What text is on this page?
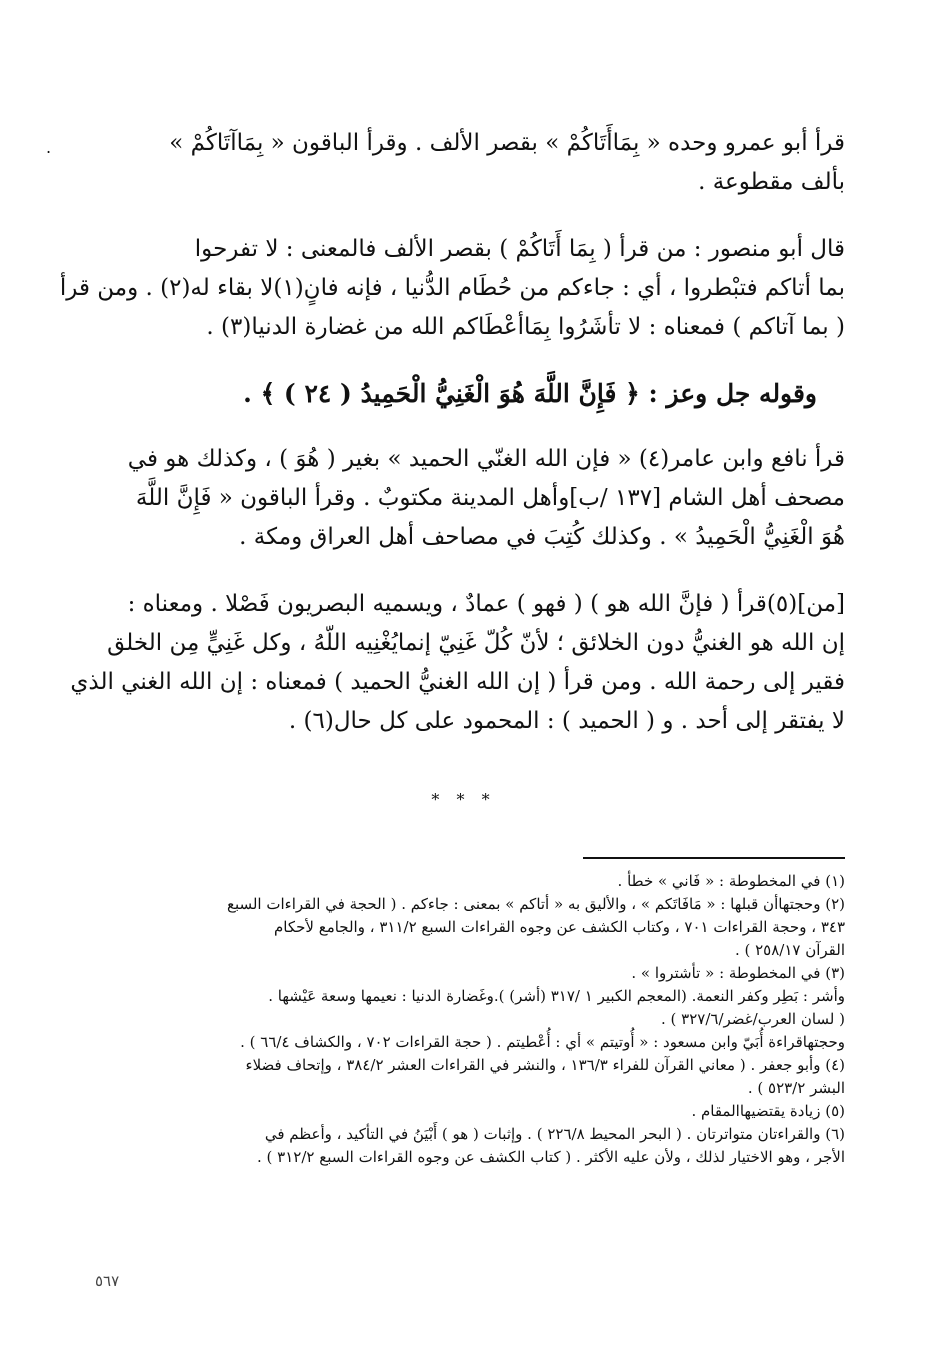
.	قرأ أبو عمرو وحده « بِمَاأَتَاكُمْ » بقصر الألف . وقرأ الباقون « بِمَاآتَاكُمْ »
بألف مقطوعة .
قال أبو منصور : من قرأ ( بِمَا أَتَاكُمْ ) بقصر الألف فالمعنى : لا تفرحوا
بما أتاكم فتبْطروا ، أي : جاءكم من حُطَام الدُّنيا ، فإنه فانٍ(١)لا بقاء له(٢) . ومن قرأ
( بما آتاكم ) فمعناه : لا تأشَرُوا بِمَاأعْطَاكم الله من غضارة الدنيا(٣) .
وقوله جل وعز : ﴿ فَإِنَّ اللَّهَ هُوَ الْغَنِيُّ الْحَمِيدُ ( ٢٤ ) ﴾ .
قرأ نافع وابن عامر(٤) « فإن الله الغنّي الحميد » بغير ( هُوَ ) ، وكذلك هو في
مصحف أهل الشام [١٣٧ /ب]وأهل المدينة مكتوبٌ . وقرأ الباقون « فَإِنَّ اللَّهَ
هُوَ الْغَنِيُّ الْحَمِيدُ » . وكذلك كُتِبَ في مصاحف أهل العراق ومكة .
[من](٥)قرأ ( فإنَّ الله هو ) ( فهو ) عمادٌ ، ويسميه البصريون فَصْلا . ومعناه :
إن الله هو الغنيُّ دون الخلائق ؛ لأنّ كُلّ غَنِيّ إنمايُغْنِيه اللّهُ ، وكل غَنِيٍّ مِن الخلق
فقير إلى رحمة الله . ومن قرأ ( إن الله الغنيُّ الحميد ) فمعناه : إن الله الغني الذي
لا يفتقر إلى أحد . و ( الحميد ) : المحمود على كل حال(٦) .
* * *
(١) في المخطوطة : « فَاني » خطأ .
(٢) وحجتهاأن قبلها : « مَافَاتَكم » ، والأليق به « أتاكم » بمعنى : جاءكم . ( الحجة في القراءات السبع
٣٤٣ ، وحجة القراءات ٧٠١ ، وكتاب الكشف عن وجوه القراءات السبع ٣١١/٢ ، والجامع لأحكام
القرآن ٢٥٨/١٧ ) .
(٣) في المخطوطة : « تأشتروا » .
وأشر : بَطِر وكفر النعمة. (المعجم الكبير ١ /٣١٧ (أشر) ).وغَضارة الدنيا : نعيمها وسعة عَيْشها .
( لسان العرب/غضر/٣٢٧/٦ ) .
وحجتهاقراءة أُبَيّ وابن مسعود : « أُوتيتم » أي : أُعْطيتم . ( حجة القراءات ٧٠٢ ، والكشاف ٦٦/٤ ) .
(٤) وأبو جعفر . ( معاني القرآن للفراء ١٣٦/٣ ، والنشر في القراءات العشر ٣٨٤/٢ ، وإتحاف فضلاء
البشر ٥٢٣/٢ ) .
(٥) زيادة يقتضيهاالمقام .
(٦) والقراءتان متواترتان . ( البحر المحيط ٢٢٦/٨ ) . وإثبات ( هو ) أَبْيَنُ في التأكيد ، وأعظم في
الأجر ، وهو الاختيار لذلك ، ولأن عليه الأكثر . ( كتاب الكشف عن وجوه القراءات السبع ٣١٢/٢ ) .
٥٦٧
